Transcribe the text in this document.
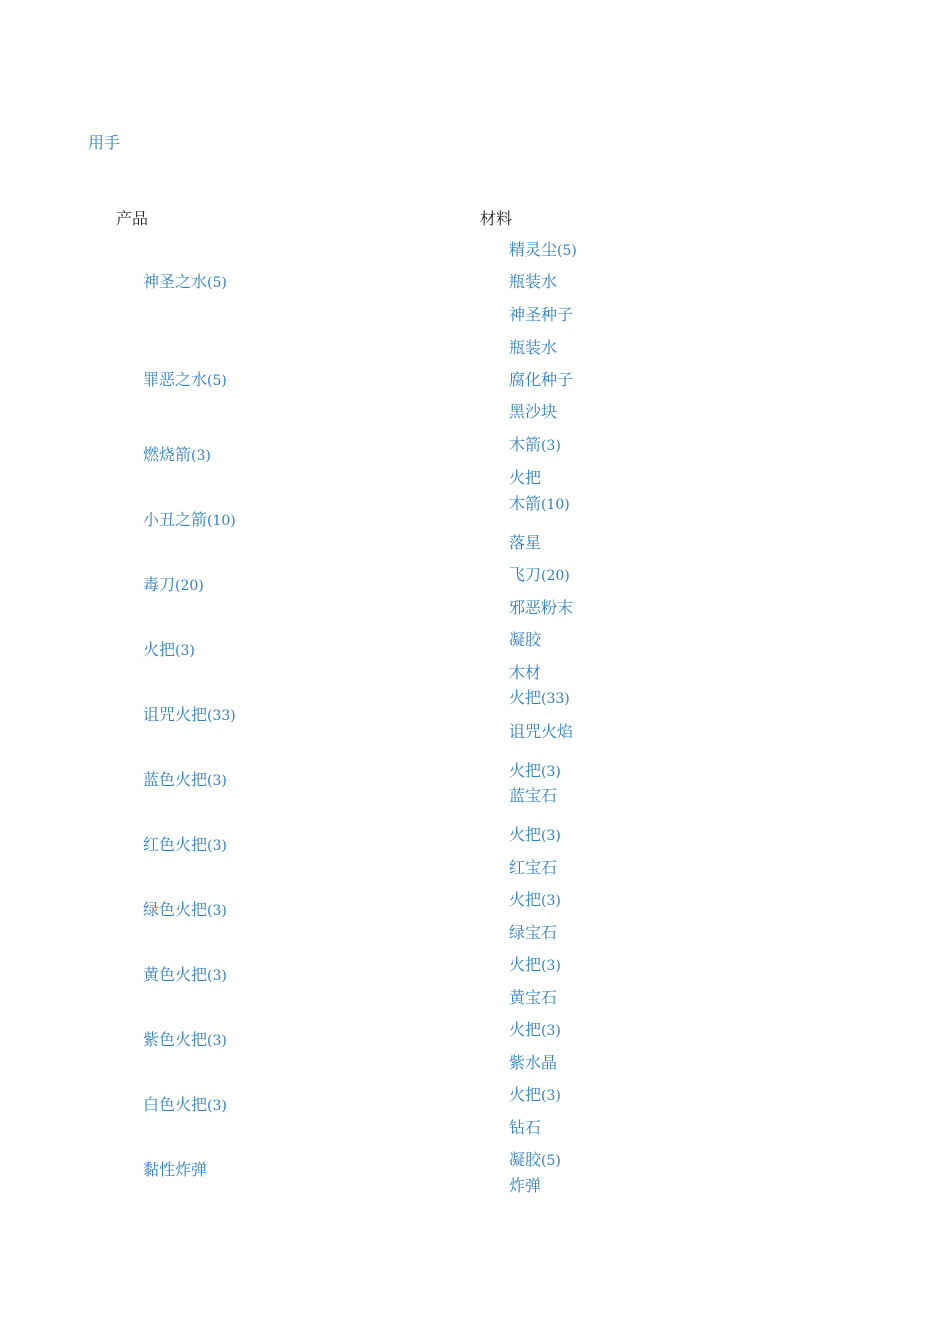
用手
产品	材料
神圣之水(5)
罪恶之水(5)
燃烧箭(3)
小丑之箭(10)
毒刀(20)
火把(3)
诅咒火把(33)
蓝色火把(3)
红色火把(3)
绿色火把(3)
黄色火把(3)
紫色火把(3)
白色火把(3)
黏性炸弹
精灵尘(5)
瓶装水
神圣种子
瓶装水
腐化种子
黑沙块
木箭(3)
火把
木箭(10)
落星
飞刀(20)
邪恶粉末
凝胶
木材
火把(33)
诅咒火焰
火把(3)
蓝宝石
火把(3)
红宝石
火把(3)
绿宝石
火把(3)
黄宝石
火把(3)
紫水晶
火把(3)
钻石
凝胶(5)
炸弹
